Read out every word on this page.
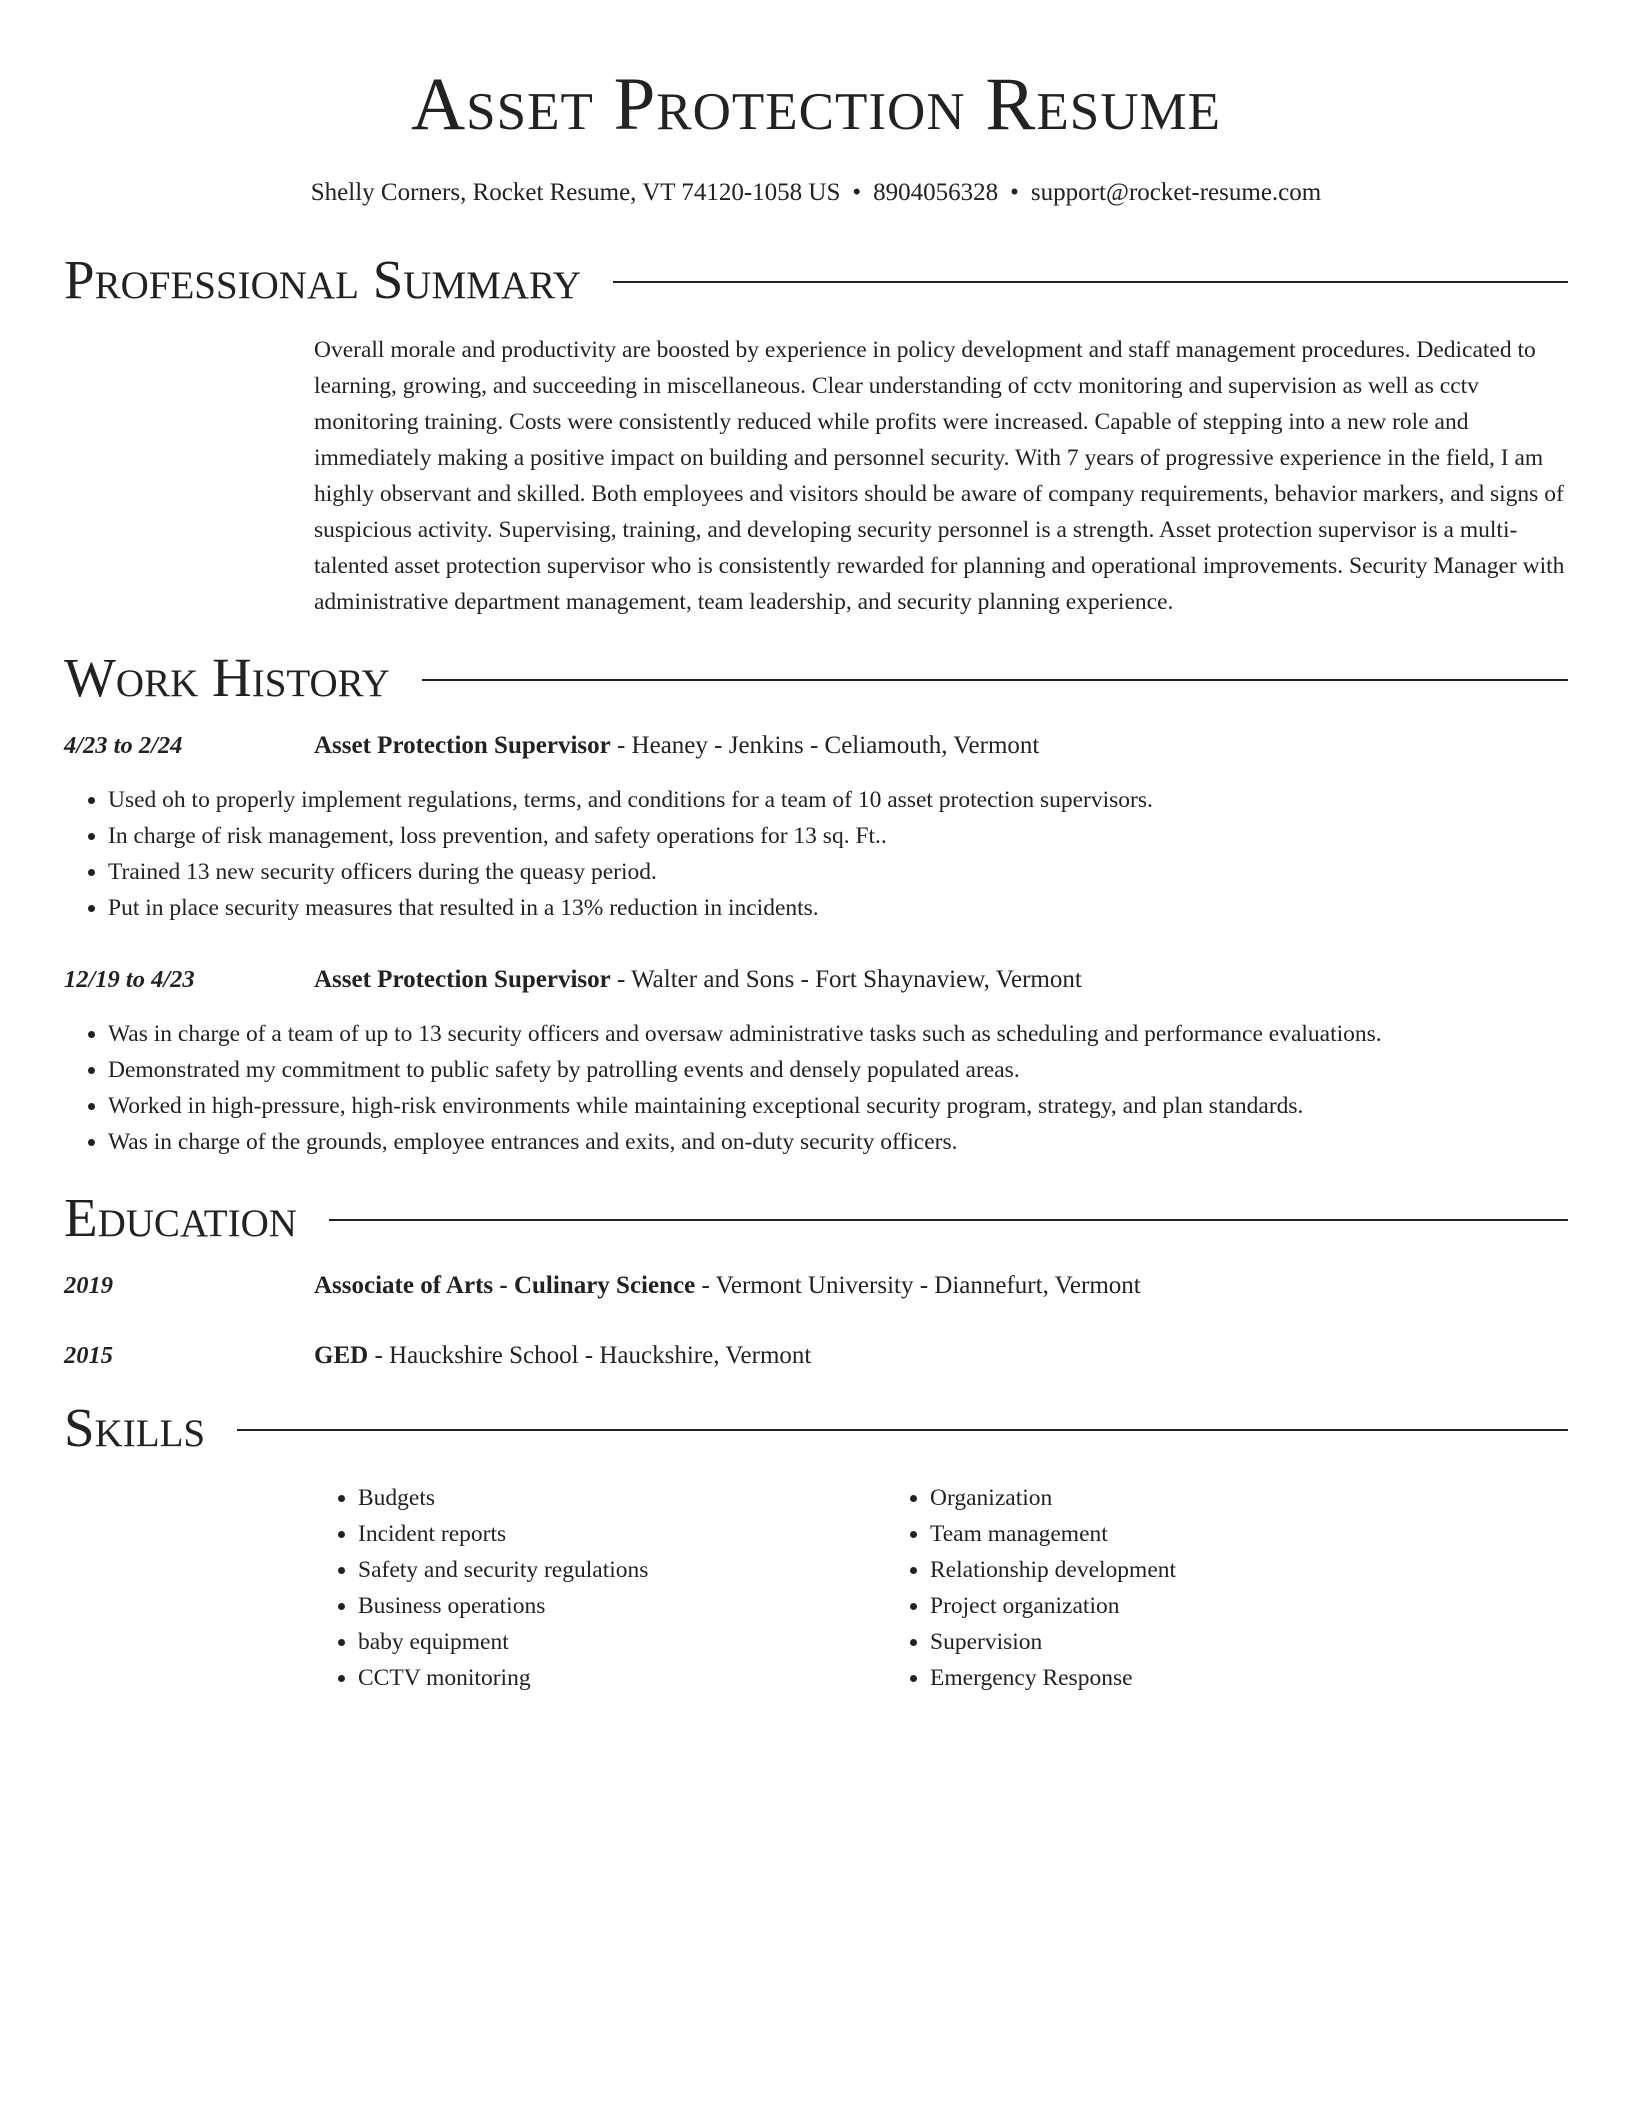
Asset Protection Resume
Shelly Corners, Rocket Resume, VT 74120-1058 US • 8904056328 • support@rocket-resume.com
Professional Summary
Overall morale and productivity are boosted by experience in policy development and staff management procedures. Dedicated to learning, growing, and succeeding in miscellaneous. Clear understanding of cctv monitoring and supervision as well as cctv monitoring training. Costs were consistently reduced while profits were increased. Capable of stepping into a new role and immediately making a positive impact on building and personnel security. With 7 years of progressive experience in the field, I am highly observant and skilled. Both employees and visitors should be aware of company requirements, behavior markers, and signs of suspicious activity. Supervising, training, and developing security personnel is a strength. Asset protection supervisor is a multi-talented asset protection supervisor who is consistently rewarded for planning and operational improvements. Security Manager with administrative department management, team leadership, and security planning experience.
Work History
4/23 to 2/24	Asset Protection Supervisor - Heaney - Jenkins - Celiamouth, Vermont
• Used oh to properly implement regulations, terms, and conditions for a team of 10 asset protection supervisors.
• In charge of risk management, loss prevention, and safety operations for 13 sq. Ft..
• Trained 13 new security officers during the queasy period.
• Put in place security measures that resulted in a 13% reduction in incidents.
12/19 to 4/23	Asset Protection Supervisor - Walter and Sons - Fort Shaynaview, Vermont
• Was in charge of a team of up to 13 security officers and oversaw administrative tasks such as scheduling and performance evaluations.
• Demonstrated my commitment to public safety by patrolling events and densely populated areas.
• Worked in high-pressure, high-risk environments while maintaining exceptional security program, strategy, and plan standards.
• Was in charge of the grounds, employee entrances and exits, and on-duty security officers.
Education
2019	Associate of Arts - Culinary Science - Vermont University - Diannefurt, Vermont
2015	GED - Hauckshire School - Hauckshire, Vermont
Skills
• Budgets
• Incident reports
• Safety and security regulations
• Business operations
• baby equipment
• CCTV monitoring
• Organization
• Team management
• Relationship development
• Project organization
• Supervision
• Emergency Response
